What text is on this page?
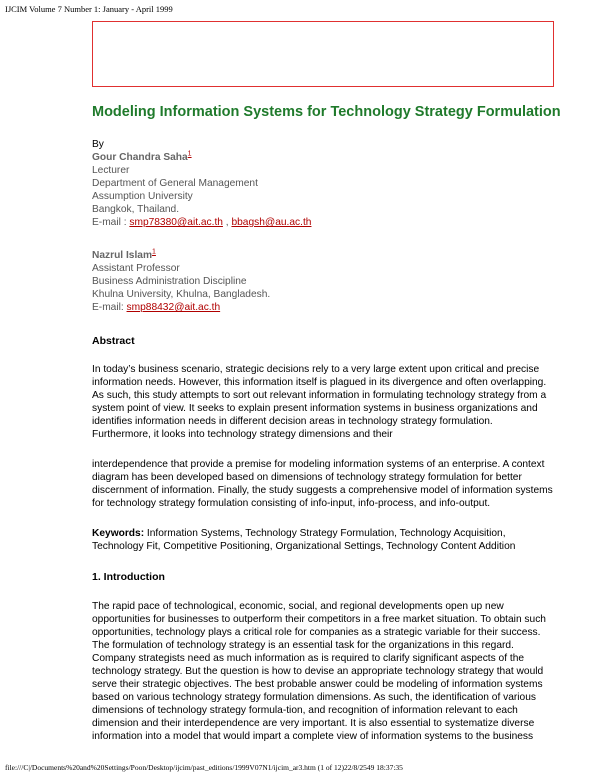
IJCIM Volume 7 Number 1: January - April 1999
Modeling Information Systems for Technology Strategy Formulation
By
Gour Chandra Saha$^1$
Lecturer
Department of General Management
Assumption University
Bangkok, Thailand.
E-mail : smp78380@ait.ac.th , bbagsh@au.ac.th
Nazrul Islam$^1$
Assistant Professor
Business Administration Discipline
Khulna University, Khulna, Bangladesh.
E-mail: smp88432@ait.ac.th
Abstract
In today’s business scenario, strategic decisions rely to a very large extent upon critical and precise
information needs. However, this information itself is plagued in its divergence and often overlapping.
As such, this study attempts to sort out relevant information in formulating technology strategy from a
system point of view. It seeks to explain present information systems in business organizations and
identifies information needs in different decision areas in technology strategy formulation.
Furthermore, it looks into technology strategy dimensions and their
interdependence that provide a premise for modeling information systems of an enterprise. A context
diagram has been developed based on dimensions of technology strategy formulation for better
discernment of information. Finally, the study suggests a comprehensive model of information systems
for technology strategy formulation consisting of info-input, info-process, and info-output.
Keywords: Information Systems, Technology Strategy Formulation, Technology Acquisition,
Technology Fit, Competitive Positioning, Organizational Settings, Technology Content Addition
1. Introduction
The rapid pace of technological, economic, social, and regional developments open up new
opportunities for businesses to outperform their competitors in a free market situation. To obtain such
opportunities, technology plays a critical role for companies as a strategic variable for their success.
The formulation of technology strategy is an essential task for the organizations in this regard.
Company strategists need as much information as is required to clarify significant aspects of the
technology strategy. But the question is how to devise an appropriate technology strategy that would
serve their strategic objectives. The best probable answer could be modeling of information systems
based on various technology strategy formulation dimensions. As such, the identification of various
dimensions of technology strategy formula-tion, and recognition of information relevant to each
dimension and their interdependence are very important. It is also essential to systematize diverse
information into a model that would impart a complete view of information systems to the business
file:///C|/Documents%20and%20Settings/Poon/Desktop/ijcim/past_editions/1999V07N1/ijcim_ar3.htm (1 of 12)22/8/2549 18:37:35
